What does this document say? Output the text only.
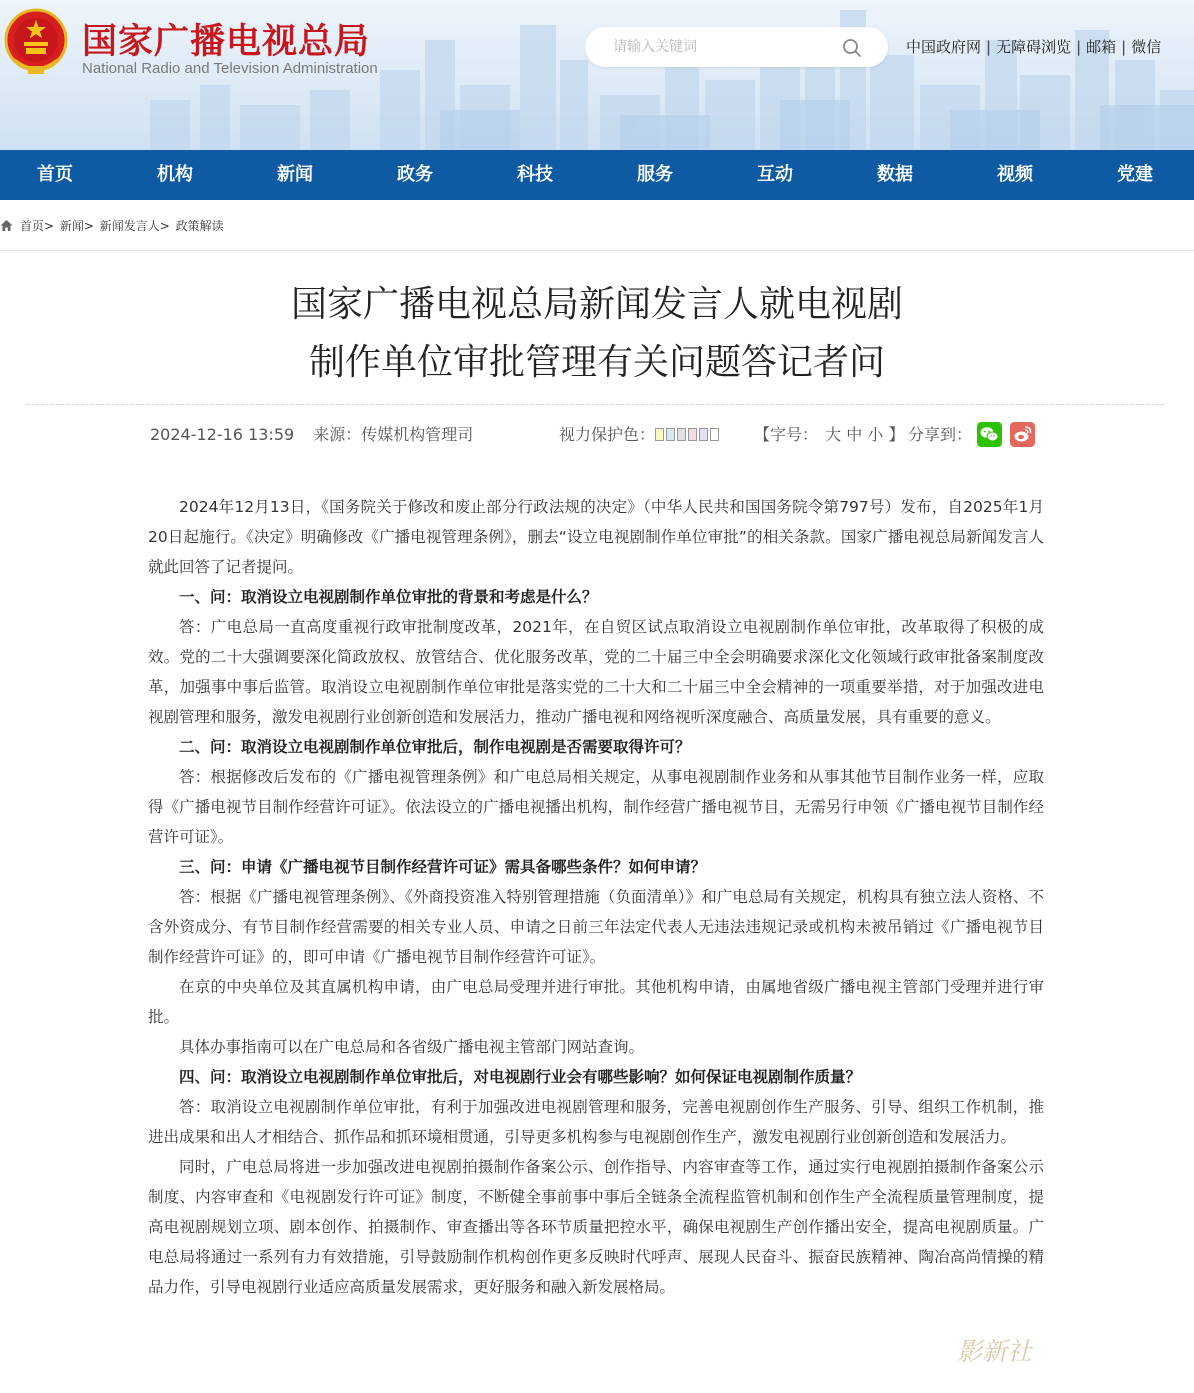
国家广播电视总局
National Radio and Television Administration
请输入关键词
中国政府网 | 无障碍浏览 | 邮箱 | 微信
首页	机构	新闻	政务	科技	服务	互动	数据	视频	党建
首页> 新闻> 新闻发言人> 政策解读
国家广播电视总局新闻发言人就电视剧
制作单位审批管理有关问题答记者问
2024-12-16 13:59 来源：传媒机构管理司	视力保护色：	【字号： 大 中 小 】 分享到：

2024年12月13日，《国务院关于修改和废止部分行政法规的决定》（中华人民共和国国务院令第797号）发布，自2025年1月20日起施行。《决定》明确修改《广播电视管理条例》，删去“设立电视剧制作单位审批”的相关条款。国家广播电视总局新闻发言人就此回答了记者提问。

一、问：取消设立电视剧制作单位审批的背景和考虑是什么？

答：广电总局一直高度重视行政审批制度改革，2021年，在自贸区试点取消设立电视剧制作单位审批，改革取得了积极的成效。党的二十大强调要深化简政放权、放管结合、优化服务改革，党的二十届三中全会明确要求深化文化领域行政审批备案制度改革，加强事中事后监管。取消设立电视剧制作单位审批是落实党的二十大和二十届三中全会精神的一项重要举措，对于加强改进电视剧管理和服务，激发电视剧行业创新创造和发展活力，推动广播电视和网络视听深度融合、高质量发展，具有重要的意义。

二、问：取消设立电视剧制作单位审批后，制作电视剧是否需要取得许可？

答：根据修改后发布的《广播电视管理条例》和广电总局相关规定，从事电视剧制作业务和从事其他节目制作业务一样，应取得《广播电视节目制作经营许可证》。依法设立的广播电视播出机构，制作经营广播电视节目，无需另行申领《广播电视节目制作经营许可证》。

三、问：申请《广播电视节目制作经营许可证》需具备哪些条件？如何申请？

答：根据《广播电视管理条例》、《外商投资准入特别管理措施（负面清单）》和广电总局有关规定，机构具有独立法人资格、不含外资成分、有节目制作经营需要的相关专业人员、申请之日前三年法定代表人无违法违规记录或机构未被吊销过《广播电视节目制作经营许可证》的，即可申请《广播电视节目制作经营许可证》。

在京的中央单位及其直属机构申请，由广电总局受理并进行审批。其他机构申请，由属地省级广播电视主管部门受理并进行审批。

具体办事指南可以在广电总局和各省级广播电视主管部门网站查询。

四、问：取消设立电视剧制作单位审批后，对电视剧行业会有哪些影响？如何保证电视剧制作质量？

答：取消设立电视剧制作单位审批，有利于加强改进电视剧管理和服务，完善电视剧创作生产服务、引导、组织工作机制，推进出成果和出人才相结合、抓作品和抓环境相贯通，引导更多机构参与电视剧创作生产，激发电视剧行业创新创造和发展活力。

同时，广电总局将进一步加强改进电视剧拍摄制作备案公示、创作指导、内容审查等工作，通过实行电视剧拍摄制作备案公示制度、内容审查和《电视剧发行许可证》制度，不断健全事前事中事后全链条全流程监管机制和创作生产全流程质量管理制度，提高电视剧规划立项、剧本创作、拍摄制作、审查播出等各环节质量把控水平，确保电视剧生产创作播出安全，提高电视剧质量。广电总局将通过一系列有力有效措施，引导鼓励制作机构创作更多反映时代呼声、展现人民奋斗、振奋民族精神、陶冶高尚情操的精品力作，引导电视剧行业适应高质量发展需求，更好服务和融入新发展格局。

影新社
